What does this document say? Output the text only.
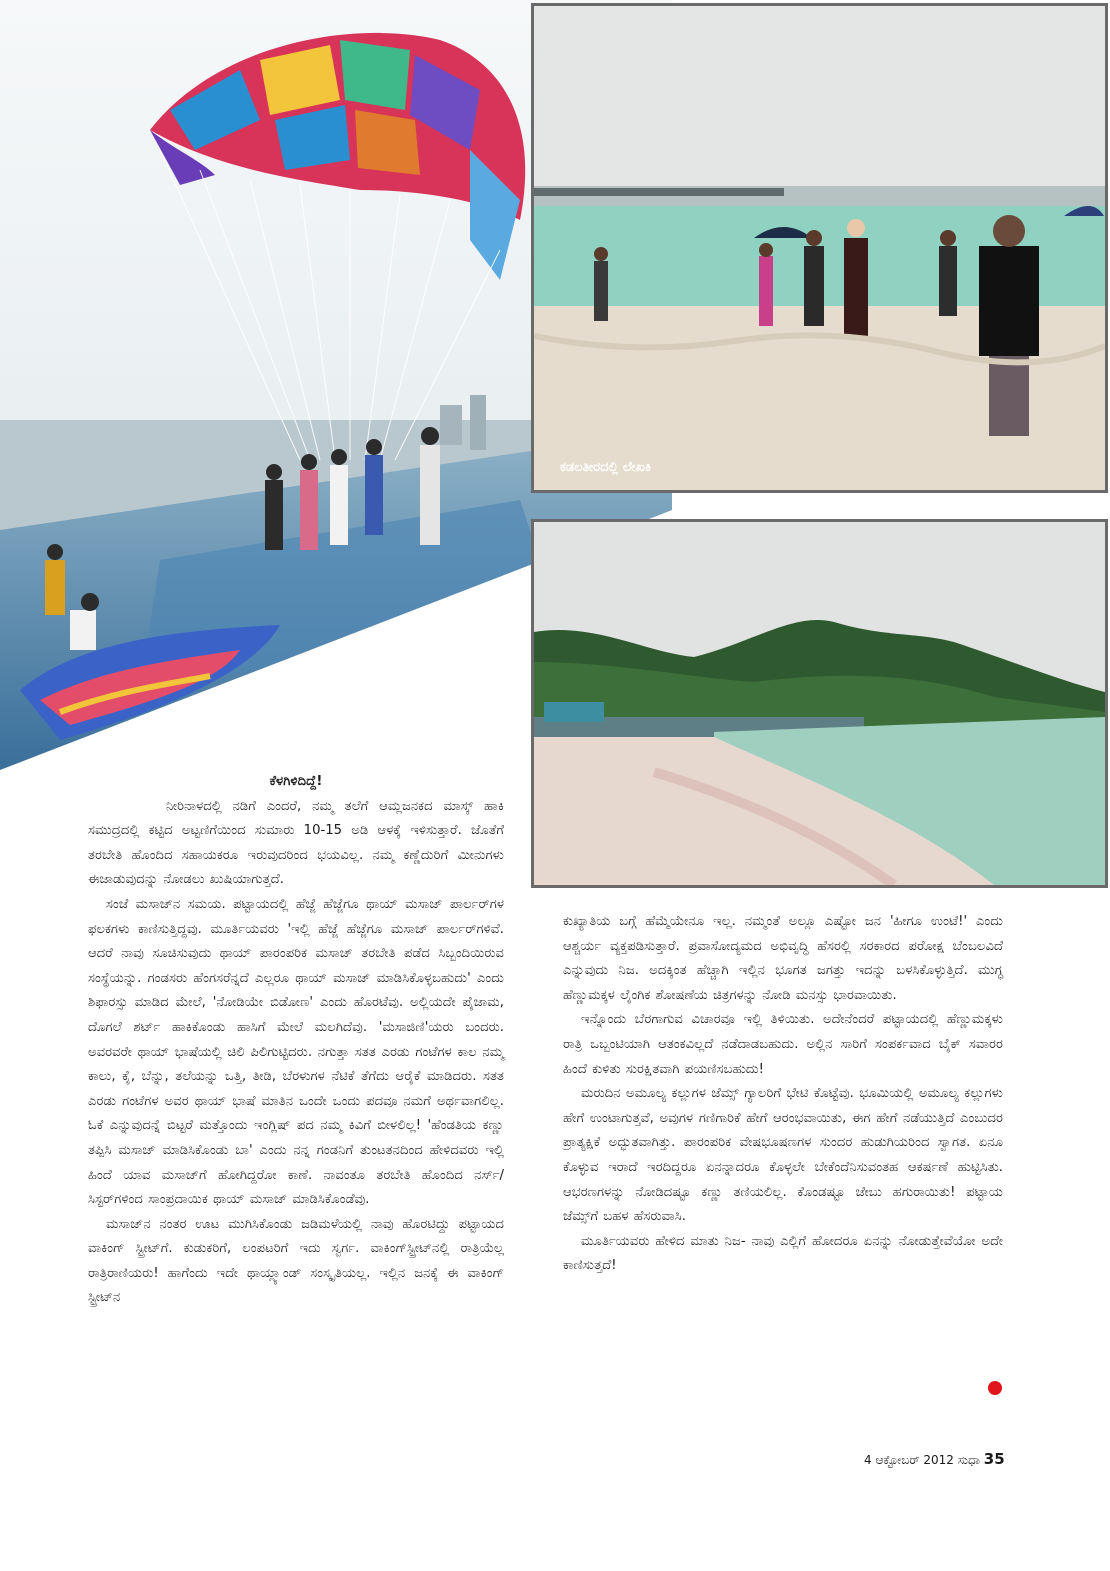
ಕಡಲತೀರದಲ್ಲಿ ಲೇಖಕಿ

ಕೆಳಗಿಳಿದಿದ್ದೆ!

ನೀರಿನಾಳದಲ್ಲಿ ನಡಿಗೆ ಎಂದರೆ, ನಮ್ಮ ತಲೆಗೆ ಆಮ್ಲಜನಕದ ಮಾಸ್ಕ್ ಹಾಕಿ ಸಮುದ್ರದಲ್ಲಿ ಕಟ್ಟಿದ ಅಟ್ಟಣಿಗೆಯಿಂದ ಸುಮಾರು 10-15 ಅಡಿ ಆಳಕ್ಕೆ ಇಳಿಸುತ್ತಾರೆ. ಜೊತೆಗೆ ತರಬೇತಿ ಹೊಂದಿದ ಸಹಾಯಕರೂ ಇರುವುದರಿಂದ ಭಯವಿಲ್ಲ. ನಮ್ಮ ಕಣ್ಣೆದುರಿಗೆ ಮೀನುಗಳು ಈಜಾಡುವುದನ್ನು ನೋಡಲು ಖುಷಿಯಾಗುತ್ತದೆ.

ಸಂಜೆ ಮಸಾಜ್‌ನ ಸಮಯ. ಪಟ್ಟಾಯದಲ್ಲಿ ಹೆಜ್ಜೆ ಹೆಜ್ಜೆಗೂ ಥಾಯ್ ಮಸಾಜ್ ಪಾರ್ಲರ್‌ಗಳ ಫಲಕಗಳು ಕಾಣಿಸುತ್ತಿದ್ದವು. ಮೂರ್ತಿಯವರು 'ಇಲ್ಲಿ ಹೆಜ್ಜೆ ಹೆಜ್ಜೆಗೂ ಮಸಾಜ್ ಪಾರ್ಲರ್‌ಗಳಿವೆ. ಆದರೆ ನಾವು ಸೂಚಿಸುವುದು ಥಾಯ್ ಪಾರಂಪರಿಕ ಮಸಾಜ್ ತರಬೇತಿ ಪಡೆದ ಸಿಬ್ಬಂದಿಯಿರುವ ಸಂಸ್ಥೆಯನ್ನು. ಗಂಡಸರು ಹೆಂಗಸರೆನ್ನದೆ ಎಲ್ಲರೂ ಥಾಯ್ ಮಸಾಜ್ ಮಾಡಿಸಿಕೊಳ್ಳಬಹುದು' ಎಂದು ಶಿಫಾರಸ್ಸು ಮಾಡಿದ ಮೇಲೆ, 'ನೋಡಿಯೇ ಬಿಡೋಣ' ಎಂದು ಹೊರಟೆವು. ಅಲ್ಲಿಯದೇ ಪೈಜಾಮ, ದೊಗಲೆ ಶರ್ಟ್ ಹಾಕಿಕೊಂಡು ಹಾಸಿಗೆ ಮೇಲೆ ಮಲಗಿದೆವು. 'ಮಸಾಜಿಣಿ'ಯರು ಬಂದರು. ಅವರವರೇ ಥಾಯ್ ಭಾಷೆಯಲ್ಲಿ ಚಿಲಿ ಪಿಲಿಗುಟ್ಟಿದರು. ನಗುತ್ತಾ ಸತತ ಎರಡು ಗಂಟೆಗಳ ಕಾಲ ನಮ್ಮ ಕಾಲು, ಕೈ, ಬೆನ್ನು, ತಲೆಯನ್ನು ಒತ್ತಿ, ತೀಡಿ, ಬೆರಳುಗಳ ನೆಟಿಕೆ ತೆಗೆದು ಆರೈಕೆ ಮಾಡಿದರು. ಸತತ ಎರಡು ಗಂಟೆಗಳ ಅವರ ಥಾಯ್ ಭಾಷೆ ಮಾತಿನ ಒಂದೇ ಒಂದು ಪದವೂ ನಮಗೆ ಅರ್ಥವಾಗಲಿಲ್ಲ. ಓಕೆ ಎನ್ನುವುದನ್ನೆ ಬಿಟ್ಟರೆ ಮತ್ತೊಂದು ಇಂಗ್ಲಿಷ್ ಪದ ನಮ್ಮ ಕಿವಿಗೆ ಬೀಳಲಿಲ್ಲ! 'ಹೆಂಡತಿಯ ಕಣ್ಣು ತಪ್ಪಿಸಿ ಮಸಾಜ್ ಮಾಡಿಸಿಕೊಂಡು ಬಾ' ಎಂದು ನನ್ನ ಗಂಡನಿಗೆ ತುಂಟತನದಿಂದ ಹೇಳಿದವರು ಇಲ್ಲಿ ಹಿಂದೆ ಯಾವ ಮಸಾಜ್‌ಗೆ ಹೋಗಿದ್ದರೋ ಕಾಣೆ. ನಾವಂತೂ ತರಬೇತಿ ಹೊಂದಿದ ನರ್ಸ್/ಸಿಸ್ಟರ್‌ಗಳಿಂದ ಸಾಂಪ್ರದಾಯಿಕ ಥಾಯ್ ಮಸಾಜ್ ಮಾಡಿಸಿಕೊಂಡೆವು.

ಮಸಾಜ್‌ನ ನಂತರ ಊಟ ಮುಗಿಸಿಕೊಂಡು ಜಡಿಮಳೆಯಲ್ಲಿ ನಾವು ಹೊರಟಿದ್ದು ಪಟ್ಟಾಯದ ವಾಕಿಂಗ್ ಸ್ಟ್ರೀಟ್‌ಗೆ. ಕುಡುಕರಿಗೆ, ಲಂಪಟರಿಗೆ ಇದು ಸ್ವರ್ಗ. ವಾಕಿಂಗ್‌ಸ್ಟ್ರೀಟ್‌ನಲ್ಲಿ ರಾತ್ರಿಯೆಲ್ಲ ರಾತ್ರಿರಾಣಿಯರು! ಹಾಗೆಂದು ಇದೇ ಥಾಯ್ಲ್ಯಾಂಡ್ ಸಂಸ್ಕೃತಿಯಲ್ಲ. ಇಲ್ಲಿನ ಜನಕ್ಕೆ ಈ ವಾಕಿಂಗ್ ಸ್ಟ್ರೀಟ್‌ನ

ಕುಖ್ಯಾತಿಯ ಬಗ್ಗೆ ಹೆಮ್ಮೆಯೇನೂ ಇಲ್ಲ. ನಮ್ಮಂತೆ ಅಲ್ಲೂ ಎಷ್ಟೋ ಜನ 'ಹೀಗೂ ಉಂಟೆ!' ಎಂದು ಆಶ್ಚರ್ಯ ವ್ಯಕ್ತಪಡಿಸುತ್ತಾರೆ. ಪ್ರವಾಸೋದ್ಯಮದ ಅಭಿವೃದ್ಧಿ ಹೆಸರಲ್ಲಿ ಸರಕಾರದ ಪರೋಕ್ಷ ಬೆಂಬಲವಿದೆ ಎನ್ನುವುದು ನಿಜ. ಅದಕ್ಕಿಂತ ಹೆಚ್ಚಾಗಿ ಇಲ್ಲಿನ ಭೂಗತ ಜಗತ್ತು ಇದನ್ನು ಬಳಸಿಕೊಳ್ಳುತ್ತಿದೆ. ಮುಗ್ಧ ಹೆಣ್ಣುಮಕ್ಕಳ ಲೈಂಗಿಕ ಶೋಷಣೆಯ ಚಿತ್ರಗಳನ್ನು ನೋಡಿ ಮನಸ್ಸು ಭಾರವಾಯಿತು.

ಇನ್ನೊಂದು ಬೆರಗಾಗುವ ವಿಚಾರವೂ ಇಲ್ಲಿ ತಿಳಿಯಿತು. ಅದೇನೆಂದರೆ ಪಟ್ಟಾಯದಲ್ಲಿ ಹೆಣ್ಣುಮಕ್ಕಳು ರಾತ್ರಿ ಒಬ್ಬಂಟಿಯಾಗಿ ಆತಂಕವಿಲ್ಲದೆ ನಡೆದಾಡಬಹುದು. ಅಲ್ಲಿನ ಸಾರಿಗೆ ಸಂಪರ್ಕವಾದ ಬೈಕ್ ಸವಾರರ ಹಿಂದೆ ಕುಳಿತು ಸುರಕ್ಷಿತವಾಗಿ ಪಯಣಿಸಬಹುದು!

ಮರುದಿನ ಅಮೂಲ್ಯ ಕಲ್ಲುಗಳ ಜೆಮ್ಸ್ ಗ್ಯಾಲರಿಗೆ ಭೇಟಿ ಕೊಟ್ಟೆವು. ಭೂಮಿಯಲ್ಲಿ ಅಮೂಲ್ಯ ಕಲ್ಲುಗಳು ಹೇಗೆ ಉಂಟಾಗುತ್ತವೆ, ಅವುಗಳ ಗಣಿಗಾರಿಕೆ ಹೇಗೆ ಆರಂಭವಾಯಿತು, ಈಗ ಹೇಗೆ ನಡೆಯುತ್ತಿದೆ ಎಂಬುದರ ಪ್ರಾತ್ಯಕ್ಷಿಕೆ ಅದ್ಭುತವಾಗಿತ್ತು. ಪಾರಂಪರಿಕ ವೇಷಭೂಷಣಗಳ ಸುಂದರ ಹುಡುಗಿಯರಿಂದ ಸ್ವಾಗತ. ಏನೂ ಕೊಳ್ಳುವ ಇರಾದೆ ಇರದಿದ್ದರೂ ಏನನ್ನಾದರೂ ಕೊಳ್ಳಲೇ ಬೇಕೆಂದೆನಿಸುವಂತಹ ಆಕರ್ಷಣೆ ಹುಟ್ಟಿಸಿತು. ಆಭರಣಗಳನ್ನು ನೋಡಿದಷ್ಟೂ ಕಣ್ಣು ತಣಿಯಲಿಲ್ಲ. ಕೊಂಡಷ್ಟೂ ಜೇಬು ಹಗುರಾಯಿತು! ಪಟ್ಟಾಯ ಜೆಮ್ಸ್‌ಗೆ ಬಹಳ ಹೆಸರುವಾಸಿ.

ಮೂರ್ತಿಯವರು ಹೇಳಿದ ಮಾತು ನಿಜ- ನಾವು ಎಲ್ಲಿಗೆ ಹೋದರೂ ಏನನ್ನು ನೋಡುತ್ತೇವೆಯೋ ಅದೇ ಕಾಣಿಸುತ್ತದೆ!

4 ಆಕ್ಟೋಬರ್ 2012 ಸುಧಾ 35
